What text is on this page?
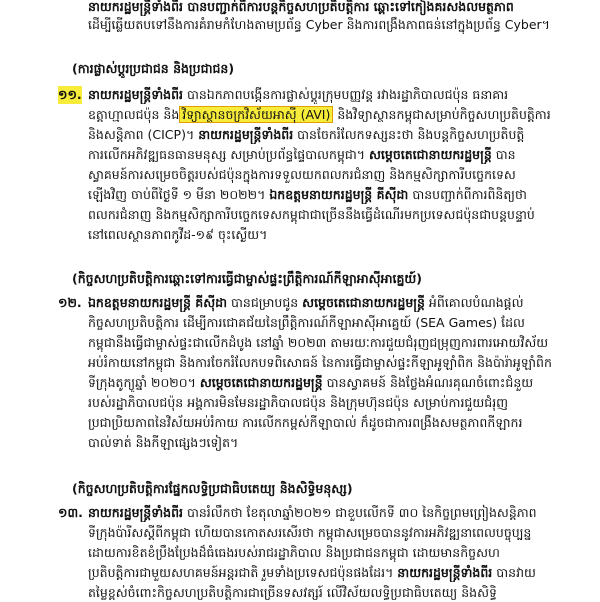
នាយករដ្ឋមន្ត្រីទាំងពីរ បានបញ្ជាក់ពីការបន្តកិច្ចសហប្រតិបត្តិការ ឆ្ពោះទៅកៀងគរសងលមត្ថភាព
ដើម្បីឆ្លើយតបទៅនឹងការគំរាមកំហែងតាមប្រព័ន្ធ Cyber និងការពង្រឹងភាពធន់នៅក្នុងប្រព័ន្ធ Cyber។
(ការផ្លាស់ប្តូរប្រជាជន និងប្រជាជន)
១១. នាយករដ្ឋមន្ត្រីទាំងពីរ បានឯកភាពបង្កើនការផ្លាស់ប្តូរក្រុមបញ្ញវន្ត រវាងរដ្ឋាភិបាលជប៉ុន ធនាគារ
ឧត្តាហ្មាលជប៉ុន និង វិទ្យាស្ថានចក្រវិស័យអាស៊ី (AVI) និងវិទ្យាស្ថានកម្ពុជាសម្រាប់កិច្ចសហប្រតិបត្តិការ
និងសន្តិភាព (CICP)។ នាយករដ្ឋមន្ត្រីទាំងពីរ បានចែករំលែកទស្សនះថា និងបន្តកិច្ចសហប្រតិបត្តិ
ការលើកអភិវឌ្ឍធនធានមនុស្ស សម្រាប់ប្រព័ន្ធផ្ទៃបាលកម្ពុជា។ សម្តេចតេជោនាយករដ្ឋមន្ត្រី បាន
ស្វាគមន៍ការសម្រេចចិត្តរបស់ជប៉ុនក្នុងការទទួលយកពលករជំនាញ និងកម្មសិក្សាការីបច្ចេកទេស
ឡើងវិញ ចាប់ពីថ្ងៃទី ១ មីនា ២០២២។ ឯកឧត្តមនាយករដ្ឋមន្ត្រី គីស៊ីដា បានបញ្ជាក់ពីការពិនិត្យថា
ពលករជំនាញ និងកម្មសិក្សាការីបច្ចេកទេសកម្ពុជាជាច្រើននឹងធ្វើដំណើរមកប្រទេសជប៉ុនជាបន្តបន្ទាប់
នៅពេលស្ថានភាពកូវីដ-១៩ ចុះស្ងើយ។
(កិច្ចសហប្រតិបត្តិការឆ្ពោះទៅការធ្វើជាម្ចាស់ផ្ទះព្រឹត្តិការណ៍កីឡាអាស៊ីអាគ្នេយ៍)
១២. ឯកឧត្តមនាយករដ្ឋមន្ត្រី គីស៊ីដា បានជម្រាបជូន សម្តេចតេជោនាយករដ្ឋមន្ត្រី អំពីគោលបំណងផ្តល់
កិច្ចសហប្រតិបត្តិការ ដើម្បីការជោគជ័យនៃព្រឹត្តិការណ៍កីឡាអាស៊ីអាគ្នេយ៍ (SEA Games) ដែល
កម្ពុជានឹងធ្វើជាម្ចាស់ផ្ទះជាលើកដំបូង នៅឆ្នាំ ២០២៣ តាមរយៈការជួយជំរុញជម្រុញការពារអោយវិស័យ
អប់រំកាយនៅកម្ពុជា និងការចែករំលែកបទពិសោធន៍ នៃការធ្វើជាម្ចាស់ផ្ទះកីឡាអូឡាំពិក និងប៉ារ៉ាអូឡាំពិក
ទីក្រុងតូក្យូឆ្នាំ ២០២០។ សម្តេចតេជោនាយករដ្ឋមន្ត្រី បានស្វាគមន៍ និងថ្លែងអំណរគុណចំពោះជំនួយ
របស់រដ្ឋាភិបាលជប៉ុន អង្គការមិនមែនរដ្ឋាភិបាលជប៉ុន និងក្រុមហ៊ុនជប៉ុន សម្រាប់ការជួយជំរុញ
ប្រជាប្រិយភាពនៃវិស័យអប់រំកាយ ការលើកកម្ពស់កីឡាបាល់ ក៏ដូចជាការពង្រឹងសមត្ថភាពកីឡាករ
បាល់ទាត់ និងកីឡាផ្សេងៗទៀត។
(កិច្ចសហប្រតិបត្តិការផ្នែកលទ្ធិប្រជាធិបតេយ្យ និងសិទ្ធិមនុស្ស)
១៣. នាយករដ្ឋមន្ត្រីទាំងពីរ បានរំលឹកថា ខែតុលាឆ្នាំ២០២១ ជាខួបលើកទី ៣០ នៃកិច្ចព្រមព្រៀងសន្តិភាព
ទីក្រុងប៉ារីសស្តីពីកម្ពុជា ហើយបានកោតសរសើរថា កម្ពុជាសម្រេចបាននូវការអភិវឌ្ឍនាពេលបច្ចុប្បន្ន
ដោយការខិតខំប្រឹងប្រែងដ៏ធំធេងរបស់រាជរដ្ឋាភិបាល និងប្រជាជនកម្ពុជា ដោយមានកិច្ចសហ
ប្រតិបត្តិការជាមួយសហគមន៍អន្តរជាតិ រួមទាំងប្រទេសជប៉ុនផងដែរ។ នាយករដ្ឋមន្ត្រីទាំងពីរ បានវាយ
តម្លៃខ្ពស់ចំពោះកិច្ចសហប្រតិបត្តិការជាច្រើនទសវត្សរ៍ លើវិស័យលទ្ធិប្រជាធិបតេយ្យ និងសិទ្ធិ
